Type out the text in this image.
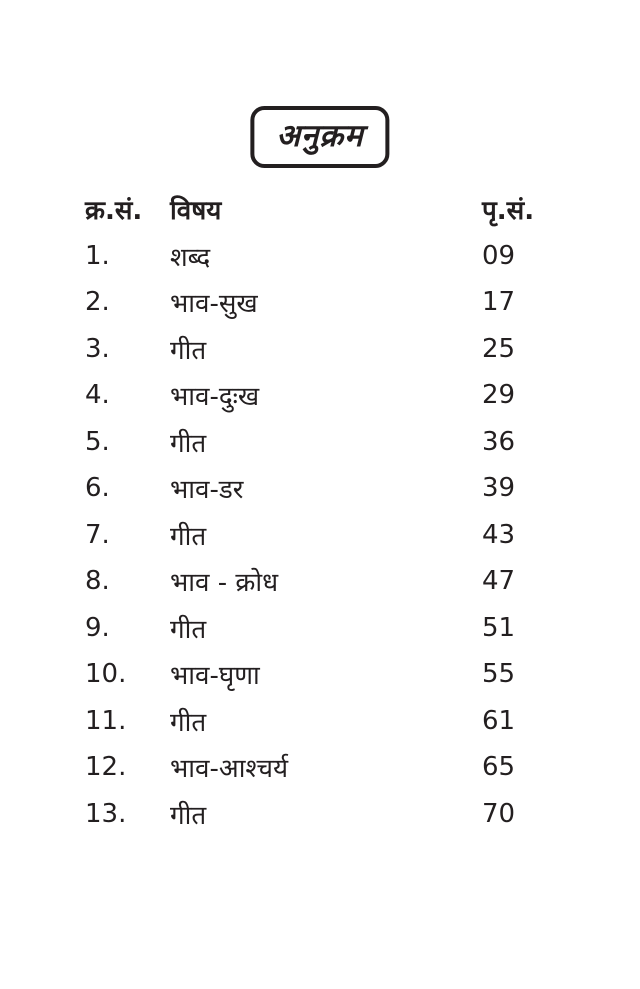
अनुक्रम
क्र.सं.	विषय	पृ.सं.
1.	शब्द	09
2.	भाव-सुख	17
3.	गीत	25
4.	भाव-दुःख	29
5.	गीत	36
6.	भाव-डर	39
7.	गीत	43
8.	भाव - क्रोध	47
9.	गीत	51
10.	भाव-घृणा	55
11.	गीत	61
12.	भाव-आश्चर्य	65
13.	गीत	70
